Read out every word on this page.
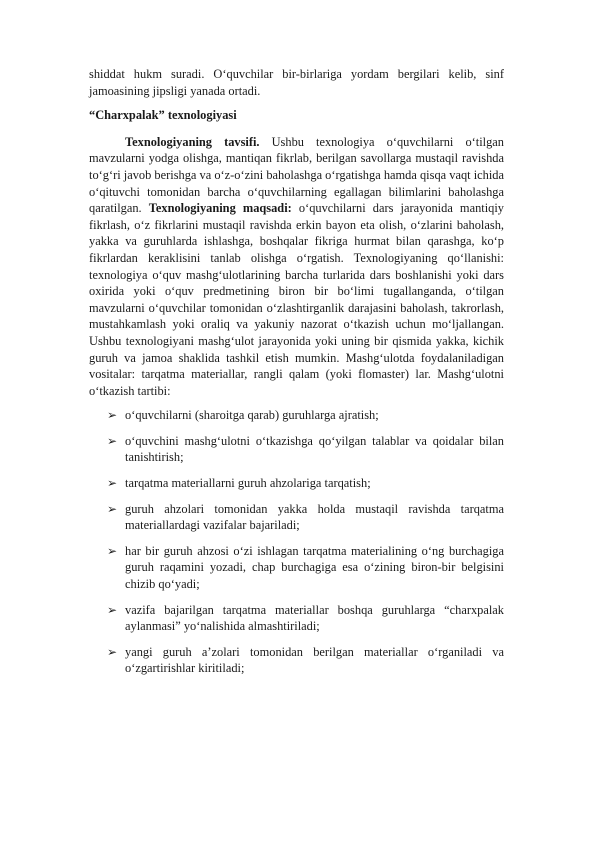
shiddat hukm suradi. O‘quvchilar bir-birlariga yordam bergilari kelib, sinf jamoasining jipsligi yanada ortadi.

“Charxpalak” texnologiyasi

Texnologiyaning tavsifi. Ushbu texnologiya o‘quvchilarni o‘tilgan mavzularni yodga olishga, mantiqan fikrlab, berilgan savollarga mustaqil ravishda to‘g‘ri javob berishga va o‘z-o‘zini baholashga o‘rgatishga hamda qisqa vaqt ichida o‘qituvchi tomonidan barcha o‘quvchilarning egallagan bilimlarini baholashga qaratilgan. Texnologiyaning maqsadi: o‘quvchilarni dars jarayonida mantiqiy fikrlash, o‘z fikrlarini mustaqil ravishda erkin bayon eta olish, o‘zlarini baholash, yakka va guruhlarda ishlashga, boshqalar fikriga hurmat bilan qarashga, ko‘p fikrlardan keraklisini tanlab olishga o‘rgatish. Texnologiyaning qo‘llanishi: texnologiya o‘quv mashg‘ulotlarining barcha turlarida dars boshlanishi yoki dars oxirida yoki o‘quv predmetining biron bir bo‘limi tugallanganda, o‘tilgan mavzularni o‘quvchilar tomonidan o‘zlashtirganlik darajasini baholash, takrorlash, mustahkamlash yoki oraliq va yakuniy nazorat o‘tkazish uchun mo‘ljallangan. Ushbu texnologiyani mashg‘ulot jarayonida yoki uning bir qismida yakka, kichik guruh va jamoa shaklida tashkil etish mumkin. Mashg‘ulotda foydalaniladigan vositalar: tarqatma materiallar, rangli qalam (yoki flomaster) lar. Mashg‘ulotni o‘tkazish tartibi:

➢ o‘quvchilarni (sharoitga qarab) guruhlarga ajratish;
➢ o‘quvchini mashg‘ulotni o‘tkazishga qo‘yilgan talablar va qoidalar bilan tanishtirish;
➢ tarqatma materiallarni guruh ahzolariga tarqatish;
➢ guruh ahzolari tomonidan yakka holda mustaqil ravishda tarqatma materiallardagi vazifalar bajariladi;
➢ har bir guruh ahzosi o‘zi ishlagan tarqatma materialining o‘ng burchagiga guruh raqamini yozadi, chap burchagiga esa o‘zining biron-bir belgisini chizib qo‘yadi;
➢ vazifa bajarilgan tarqatma materiallar boshqa guruhlarga “charxpalak aylanmasi” yo‘nalishida almashtiriladi;
➢ yangi guruh a’zolari tomonidan berilgan materiallar o‘rganiladi va o‘zgartirishlar kiritiladi;
